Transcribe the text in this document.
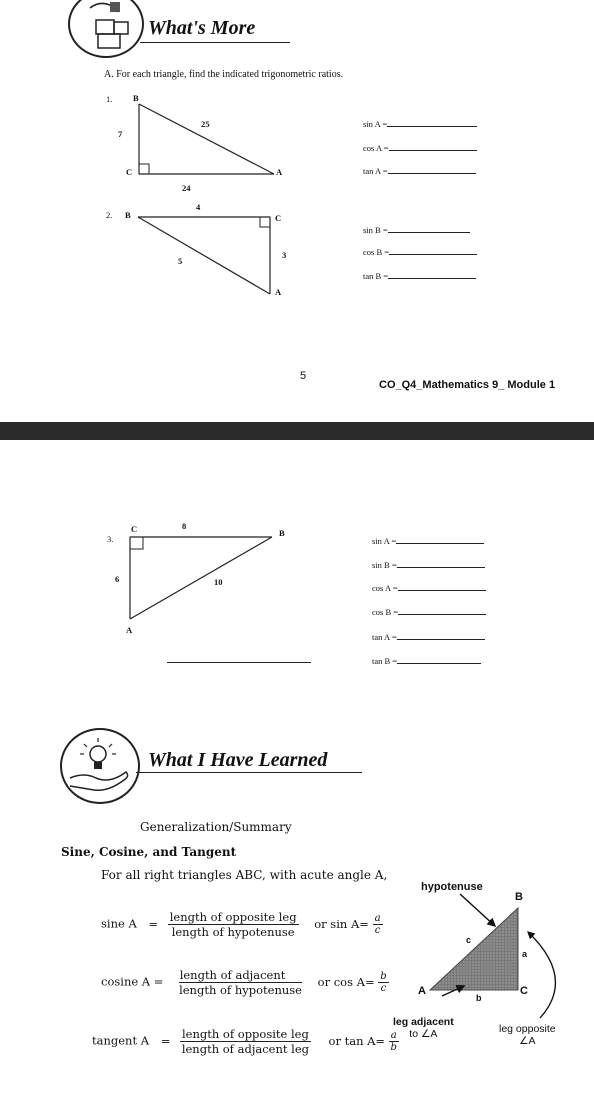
What's More
A. For each triangle, find the indicated trigonometric ratios.
1. B
C	A
7
25
24
sin A =
cos A =
tan A =
2. B	C
A
4
3
5
sin B =
cos B =
tan B =
5
CO_Q4_Mathematics 9_ Module 1
3.
C	B
A
8
6	10
sin A =
sin B =
cos A =
cos B =
tan A =
tan B =
What I Have Learned
Generalization/Summary
Sine, Cosine, and Tangent
For all right triangles ABC, with acute angle A,
sine $A = \frac{\text{length of opposite leg}}{\text{length of hypotenuse}}$ or $\sin A= \frac{a}{c}$
cosine $A = \frac{\text{length of adjacent}}{\text{length of hypotenuse}}$ or $\cos A= \frac{b}{c}$
tangent $A = \frac{\text{length of opposite leg}}{\text{length of adjacent leg}}$ or $\tan A= \frac{a}{b}$
hypotenuse
B
c
a
A
b
C
leg adjacent
to ∠A	leg opposite
∠A
